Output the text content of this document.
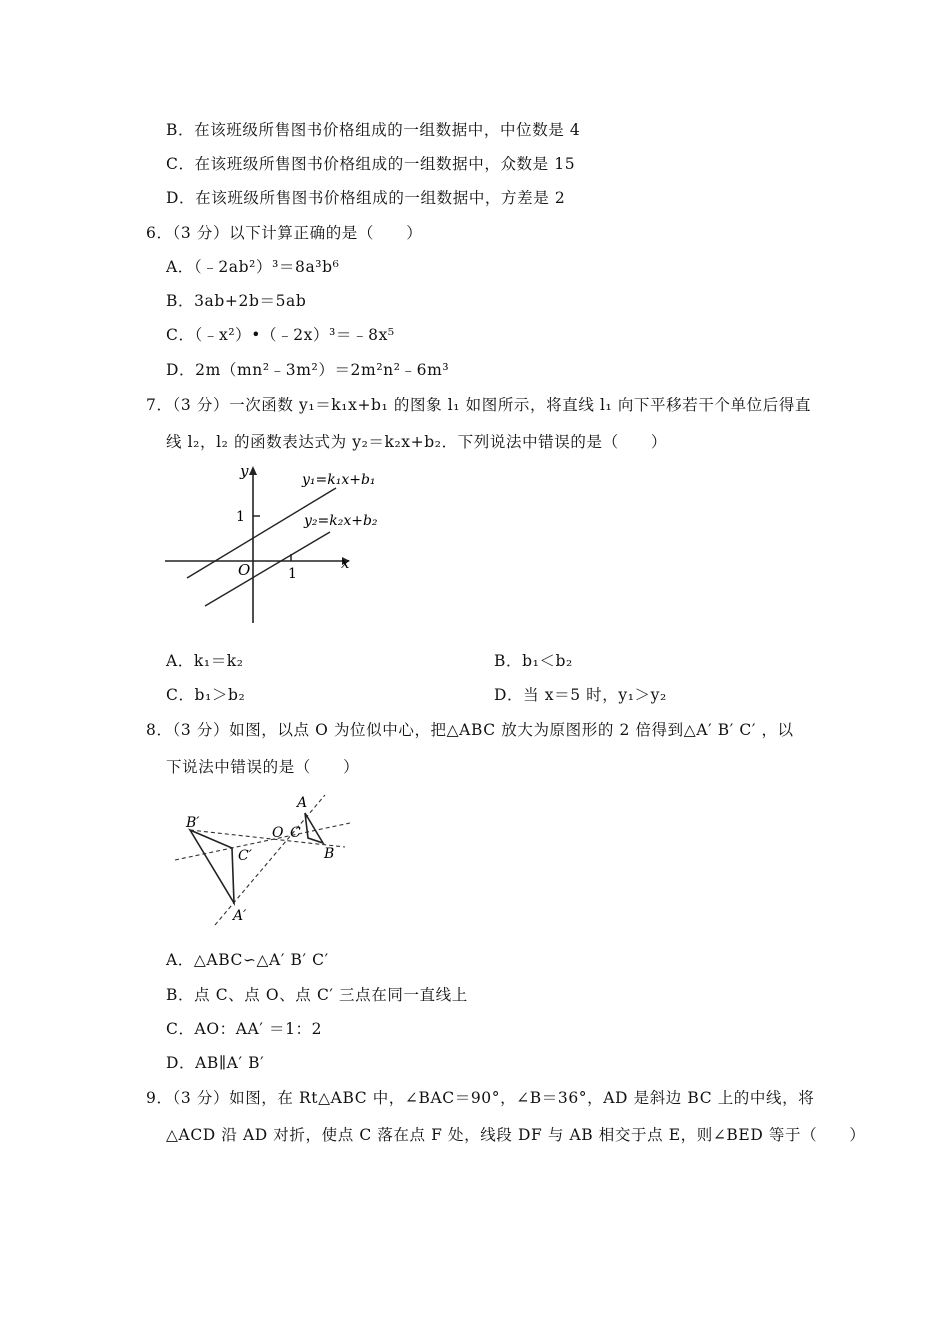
B．在该班级所售图书价格组成的一组数据中，中位数是 4
C．在该班级所售图书价格组成的一组数据中，众数是 15
D．在该班级所售图书价格组成的一组数据中，方差是 2
6．（3 分）以下计算正确的是（　　）
A．（﹣2ab²）³＝8a³b⁶
B．3ab+2b＝5ab
C．（﹣x²）•（﹣2x）³＝﹣8x⁵
D．2m（mn²﹣3m²）＝2m²n²﹣6m³
7．（3 分）一次函数 y₁＝k₁x+b₁ 的图象 l₁ 如图所示，将直线 l₁ 向下平移若干个单位后得直
线 l₂，l₂ 的函数表达式为 y₂＝k₂x+b₂．下列说法中错误的是（　　）
y
x
O	1
1
y₁=k₁x+b₁
y₂=k₂x+b₂
A．k₁＝k₂	B．b₁＜b₂
C．b₁＞b₂	D．当 x＝5 时，y₁＞y₂
8．（3 分）如图，以点 O 为位似中心，把△ABC 放大为原图形的 2 倍得到△A′ B′ C′ ，以
下说法中错误的是（　　）
B′
C′
A′
O
A
C
B
A．△ABC∽△A′ B′ C′
B．点 C、点 O、点 C′ 三点在同一直线上
C．AO：AA′ ＝1：2
D．AB∥A′ B′
9．（3 分）如图，在 Rt△ABC 中，∠BAC＝90°，∠B＝36°，AD 是斜边 BC 上的中线，将
△ACD 沿 AD 对折，使点 C 落在点 F 处，线段 DF 与 AB 相交于点 E，则∠BED 等于（　　）
